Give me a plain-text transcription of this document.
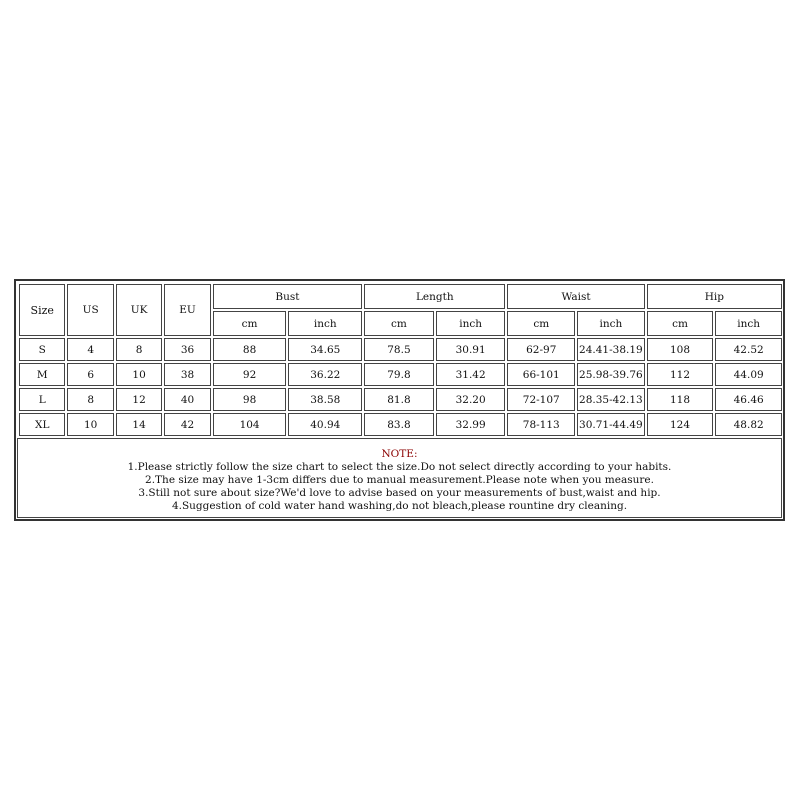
Size	US	UK	EU	Bust		Length		Waist		Hip	
				cm	inch	cm	inch	cm	inch	cm	inch
S	4	8	36	88	34.65	78.5	30.91	62-97	24.41-38.19	108	42.52
M	6	10	38	92	36.22	79.8	31.42	66-101	25.98-39.76	112	44.09
L	8	12	40	98	38.58	81.8	32.20	72-107	28.35-42.13	118	46.46
XL	10	14	42	104	40.94	83.8	32.99	78-113	30.71-44.49	124	48.82
NOTE:
1.Please strictly follow the size chart to select the size.Do not select directly according to your habits.
2.The size may have 1-3cm differs due to manual measurement.Please note when you measure.
3.Still not sure about size?We'd love to advise based on your measurements of bust,waist and hip.
4.Suggestion of cold water hand washing,do not bleach,please rountine dry cleaning.
